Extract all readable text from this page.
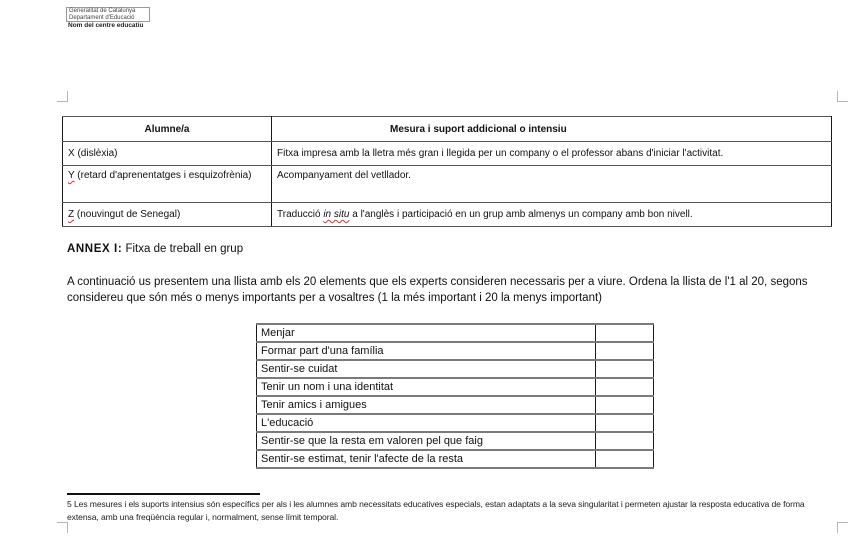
Generalitat de Catalunya
Departament d'Educació
Nom del centre educatiu
Alumne/a	Mesura i suport addicional o intensiu
X (dislèxia)	Fitxa impresa amb la lletra més gran i llegida per un company o el professor abans d'iniciar l'activitat.
Y (retard d'aprenentatges i esquizofrènia)	Acompanyament del vetllador.
Z (nouvingut de Senegal)	Traducció in situ a l'anglès i participació en un grup amb almenys un company amb bon nivell.
ANNEX I: Fitxa de treball en grup
A continuació us presentem una llista amb els 20 elements que els experts consideren necessaris per a viure. Ordena la llista de l'1 al 20, segons considereu que són més o menys importants per a vosaltres (1 la més important i 20 la menys important)
Menjar	
Formar part d'una família	
Sentir-se cuidat	
Tenir un nom i una identitat	
Tenir amics i amigues	
L'educació	
Sentir-se que la resta em valoren pel que faig	
Sentir-se estimat, tenir l'afecte de la resta	
5 Les mesures i els suports intensius són específics per als i les alumnes amb necessitats educatives especials, estan adaptats a la seva singularitat i permeten ajustar la resposta educativa de forma extensa, amb una freqüència regular i, normalment, sense límit temporal.
